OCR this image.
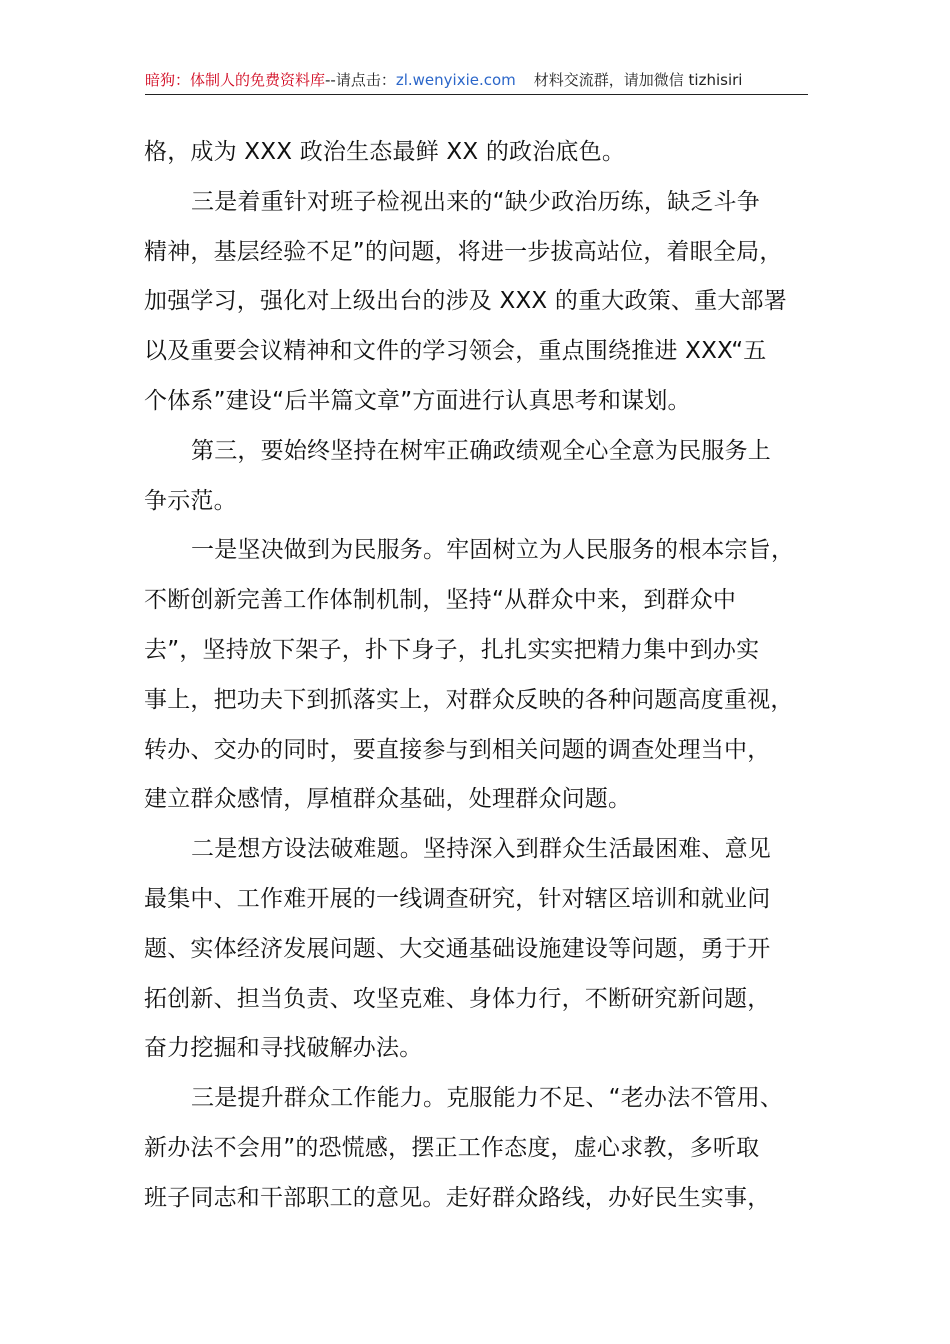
暗狗：体制人的免费资料库--请点击：zl.wenyixie.com 材料交流群，请加微信 tizhisiri
格，成为 XXX 政治生态最鲜 XX 的政治底色。
三是着重针对班子检视出来的“缺少政治历练，缺乏斗争
精神，基层经验不足”的问题，将进一步拔高站位，着眼全局，
加强学习，强化对上级出台的涉及 XXX 的重大政策、重大部署
以及重要会议精神和文件的学习领会，重点围绕推进 XXX“五
个体系”建设“后半篇文章”方面进行认真思考和谋划。
第三，要始终坚持在树牢正确政绩观全心全意为民服务上
争示范。
一是坚决做到为民服务。牢固树立为人民服务的根本宗旨，
不断创新完善工作体制机制，坚持“从群众中来，到群众中
去”，坚持放下架子，扑下身子，扎扎实实把精力集中到办实
事上，把功夫下到抓落实上，对群众反映的各种问题高度重视，
转办、交办的同时，要直接参与到相关问题的调查处理当中，
建立群众感情，厚植群众基础，处理群众问题。
二是想方设法破难题。坚持深入到群众生活最困难、意见
最集中、工作难开展的一线调查研究，针对辖区培训和就业问
题、实体经济发展问题、大交通基础设施建设等问题，勇于开
拓创新、担当负责、攻坚克难、身体力行，不断研究新问题，
奋力挖掘和寻找破解办法。
三是提升群众工作能力。克服能力不足、“老办法不管用、
新办法不会用”的恐慌感，摆正工作态度，虚心求教，多听取
班子同志和干部职工的意见。走好群众路线，办好民生实事，
